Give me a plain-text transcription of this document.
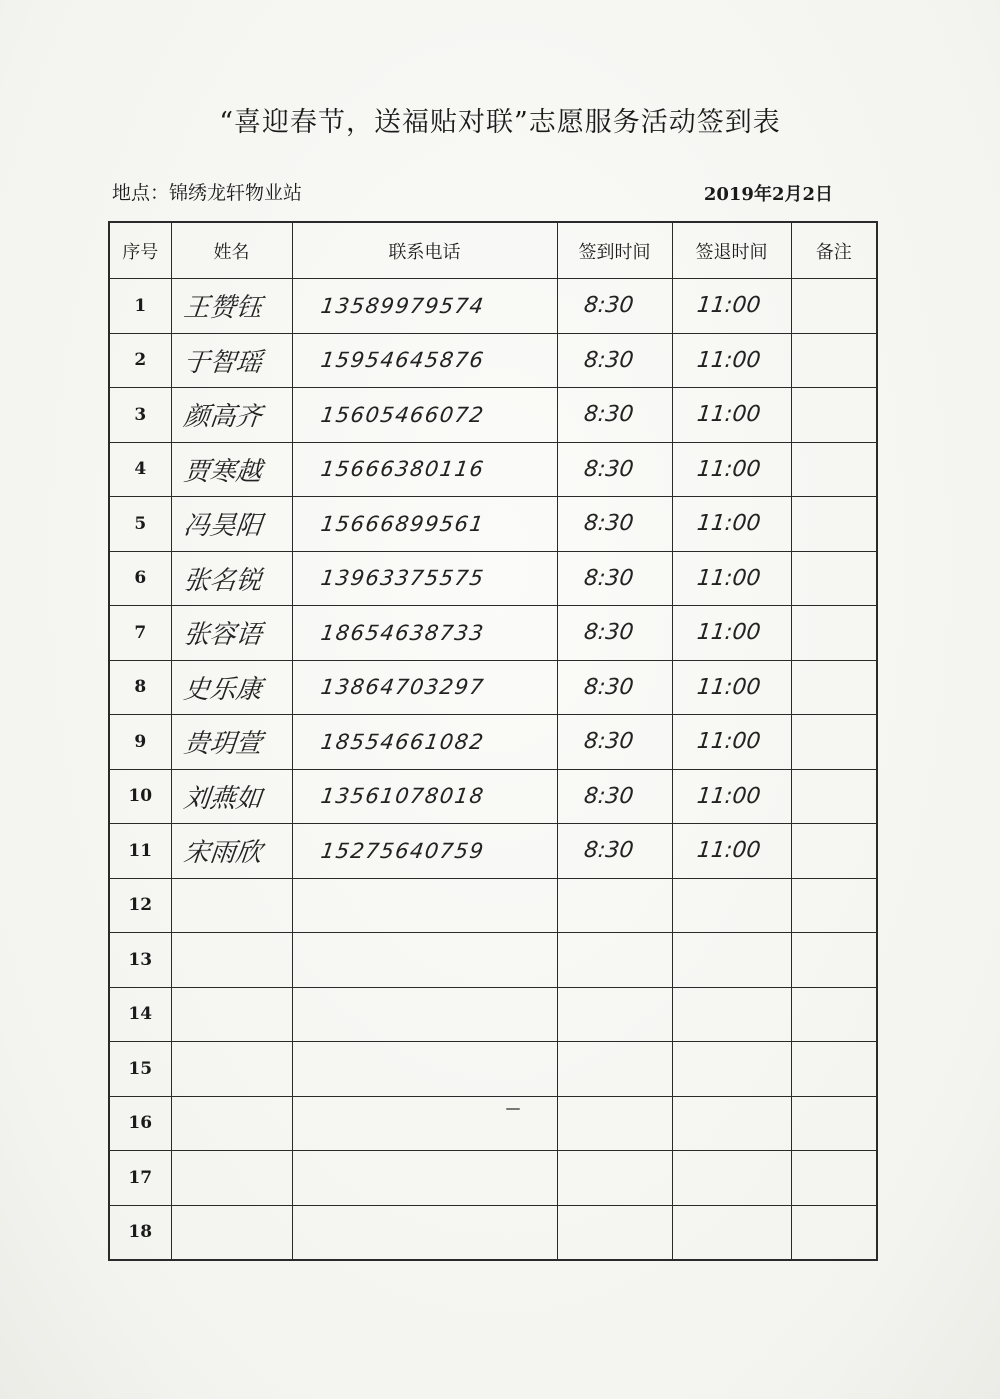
“喜迎春节，送福贴对联”志愿服务活动签到表
地点：锦绣龙轩物业站	2019年2月2日
序号	姓名	联系电话	签到时间	签退时间	备注
1	王赞钰	13589979574	8:30	11:00	
2	于智瑶	15954645876	8:30	11:00	
3	颜高齐	15605466072	8:30	11:00	
4	贾寒越	15666380116	8:30	11:00	
5	冯昊阳	15666899561	8:30	11:00	
6	张名锐	13963375575	8:30	11:00	
7	张容语	18654638733	8:30	11:00	
8	史乐康	13864703297	8:30	11:00	
9	贵玥萱	18554661082	8:30	11:00	
10	刘燕如	13561078018	8:30	11:00	
11	宋雨欣	15275640759	8:30	11:00	
12					
13					
14					
15					
16					
17					
18					
